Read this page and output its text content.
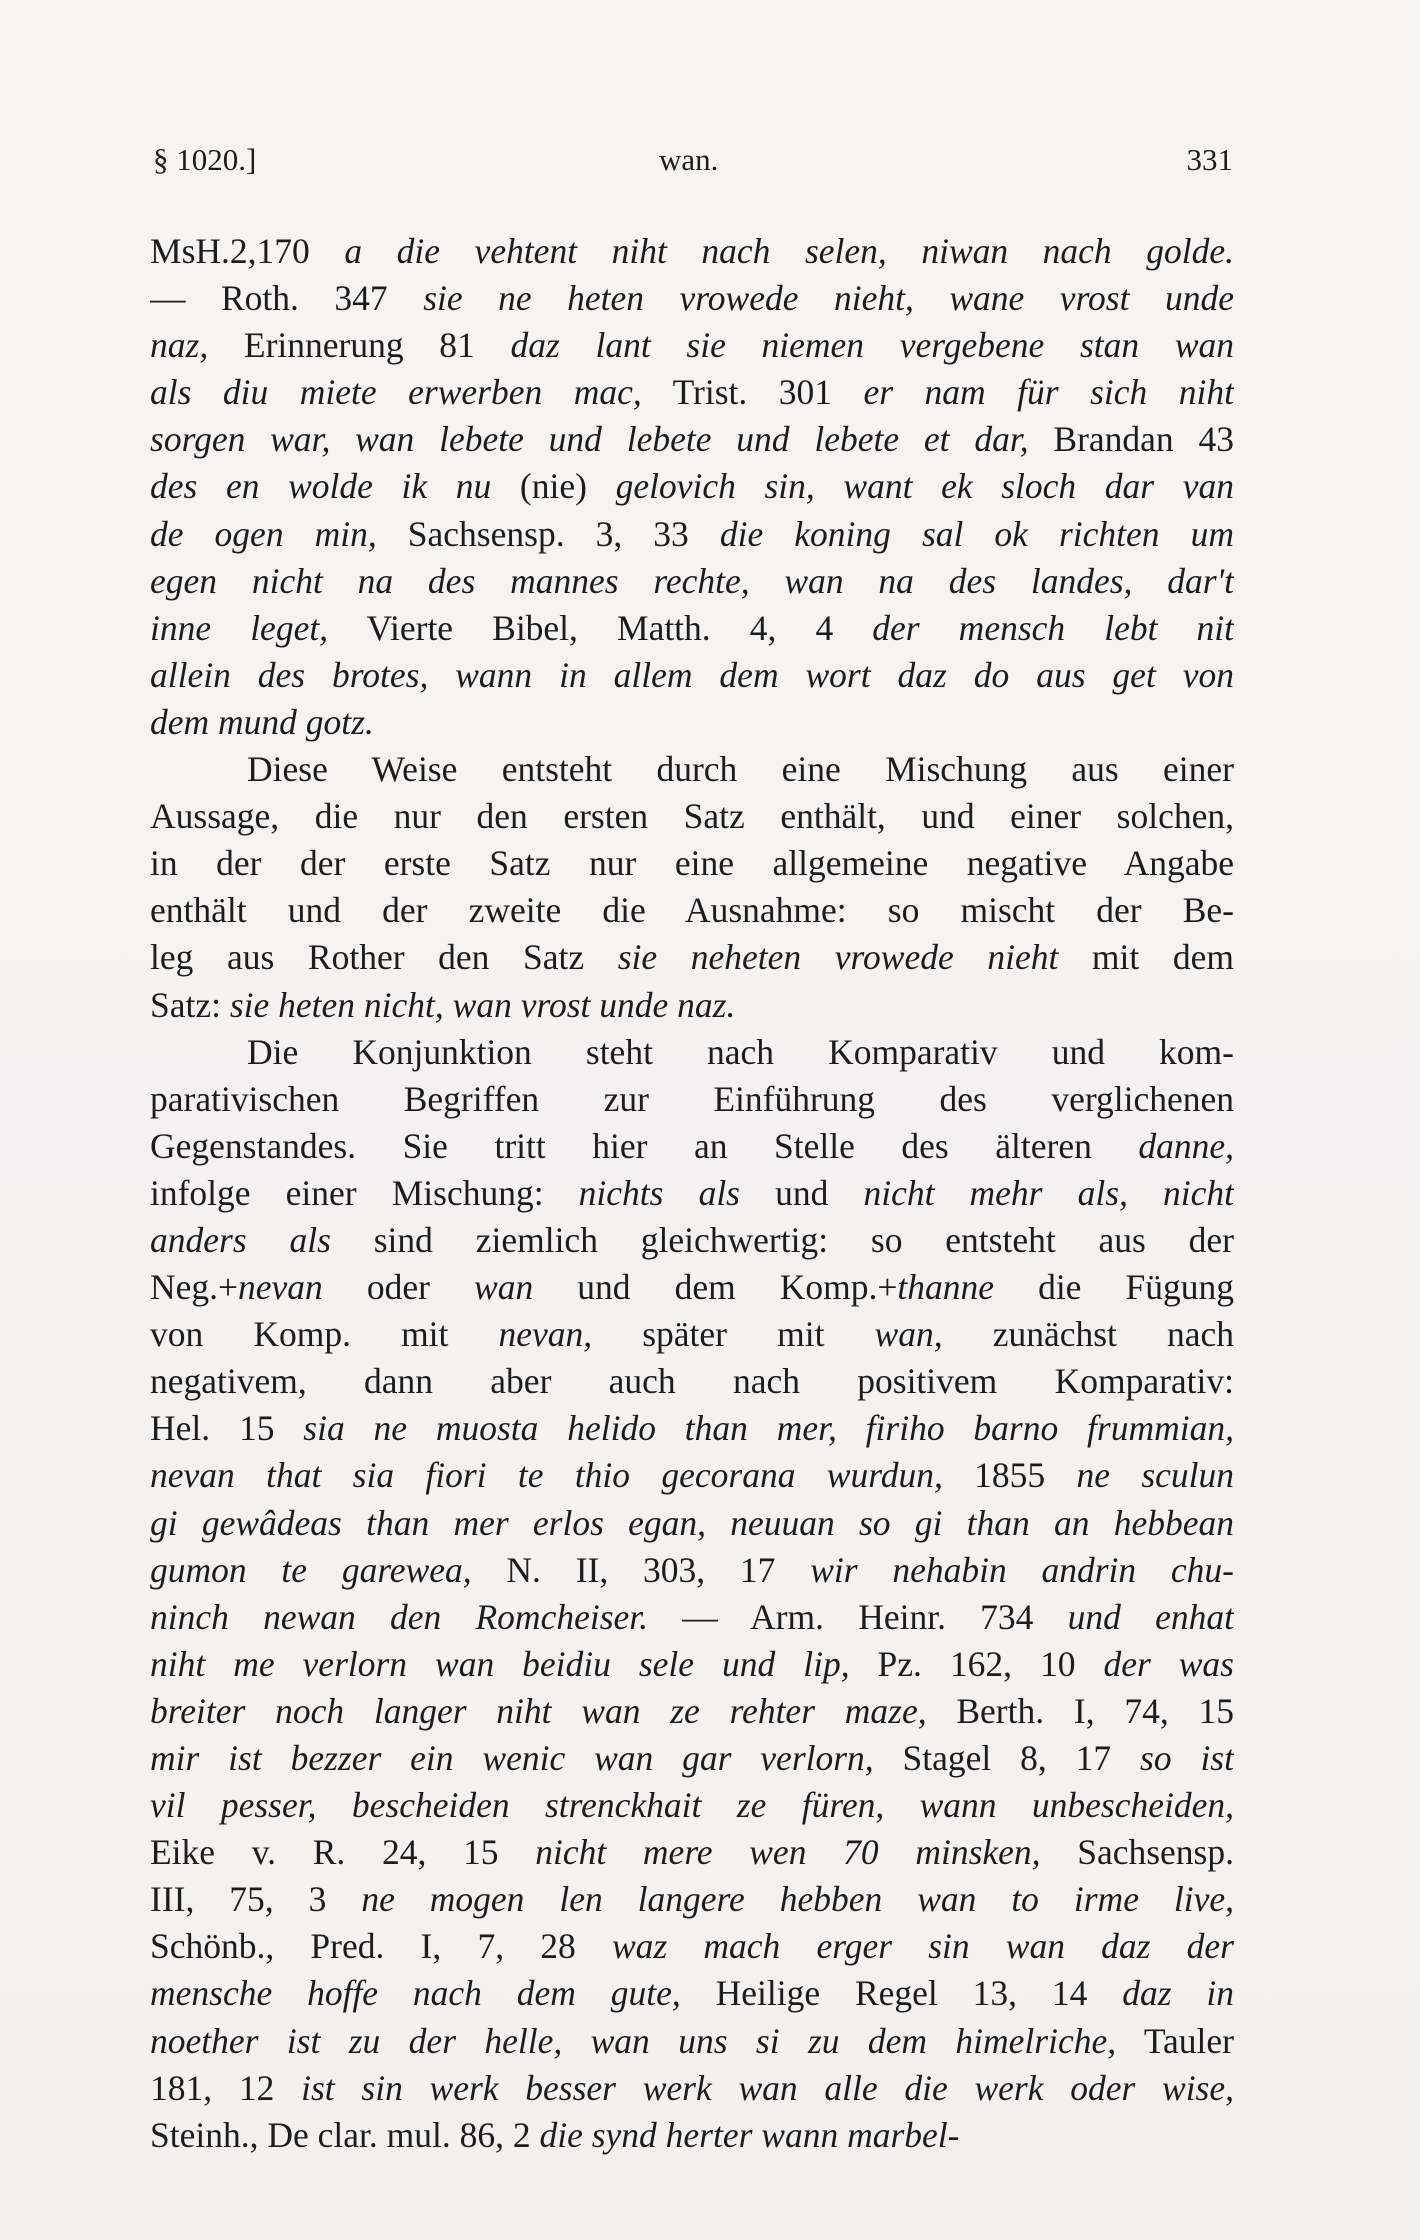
§ 1020.]	wan.	331
MsH.2,170 a die vehtent niht nach selen, niwan nach golde.
— Roth. 347 sie ne heten vrowede nieht, wane vrost unde
naz, Erinnerung 81 daz lant sie niemen vergebene stan wan
als diu miete erwerben mac, Trist. 301 er nam für sich niht
sorgen war, wan lebete und lebete und lebete et dar, Brandan 43
des en wolde ik nu (nie) gelovich sin, want ek sloch dar van
de ogen min, Sachsensp. 3, 33 die koning sal ok richten um
egen nicht na des mannes rechte, wan na des landes, dar't
inne leget, Vierte Bibel, Matth. 4, 4 der mensch lebt nit
allein des brotes, wann in allem dem wort daz do aus get von
dem mund gotz.
Diese Weise entsteht durch eine Mischung aus einer
Aussage, die nur den ersten Satz enthält, und einer solchen,
in der der erste Satz nur eine allgemeine negative Angabe
enthält und der zweite die Ausnahme: so mischt der Be-
leg aus Rother den Satz sie neheten vrowede nieht mit dem
Satz: sie heten nicht, wan vrost unde naz.
Die Konjunktion steht nach Komparativ und kom-
parativischen Begriffen zur Einführung des verglichenen
Gegenstandes. Sie tritt hier an Stelle des älteren danne,
infolge einer Mischung: nichts als und nicht mehr als, nicht
anders als sind ziemlich gleichwertig: so entsteht aus der
Neg.+nevan oder wan und dem Komp.+thanne die Fügung
von Komp. mit nevan, später mit wan, zunächst nach
negativem, dann aber auch nach positivem Komparativ:
Hel. 15 sia ne muosta helido than mer, firiho barno frummian,
nevan that sia fiori te thio gecorana wurdun, 1855 ne sculun
gi gewâdeas than mer erlos egan, neuuan so gi than an hebbean
gumon te garewea, N. II, 303, 17 wir nehabin andrin chu-
ninch newan den Romcheiser. — Arm. Heinr. 734 und enhat
niht me verlorn wan beidiu sele und lip, Pz. 162, 10 der was
breiter noch langer niht wan ze rehter maze, Berth. I, 74, 15
mir ist bezzer ein wenic wan gar verlorn, Stagel 8, 17 so ist
vil pesser, bescheiden strenckhait ze füren, wann unbescheiden,
Eike v. R. 24, 15 nicht mere wen 70 minsken, Sachsensp.
III, 75, 3 ne mogen len langere hebben wan to irme live,
Schönb., Pred. I, 7, 28 waz mach erger sin wan daz der
mensche hoffe nach dem gute, Heilige Regel 13, 14 daz in
noether ist zu der helle, wan uns si zu dem himelriche, Tauler
181, 12 ist sin werk besser werk wan alle die werk oder wise,
Steinh., De clar. mul. 86, 2 die synd herter wann marbel-
